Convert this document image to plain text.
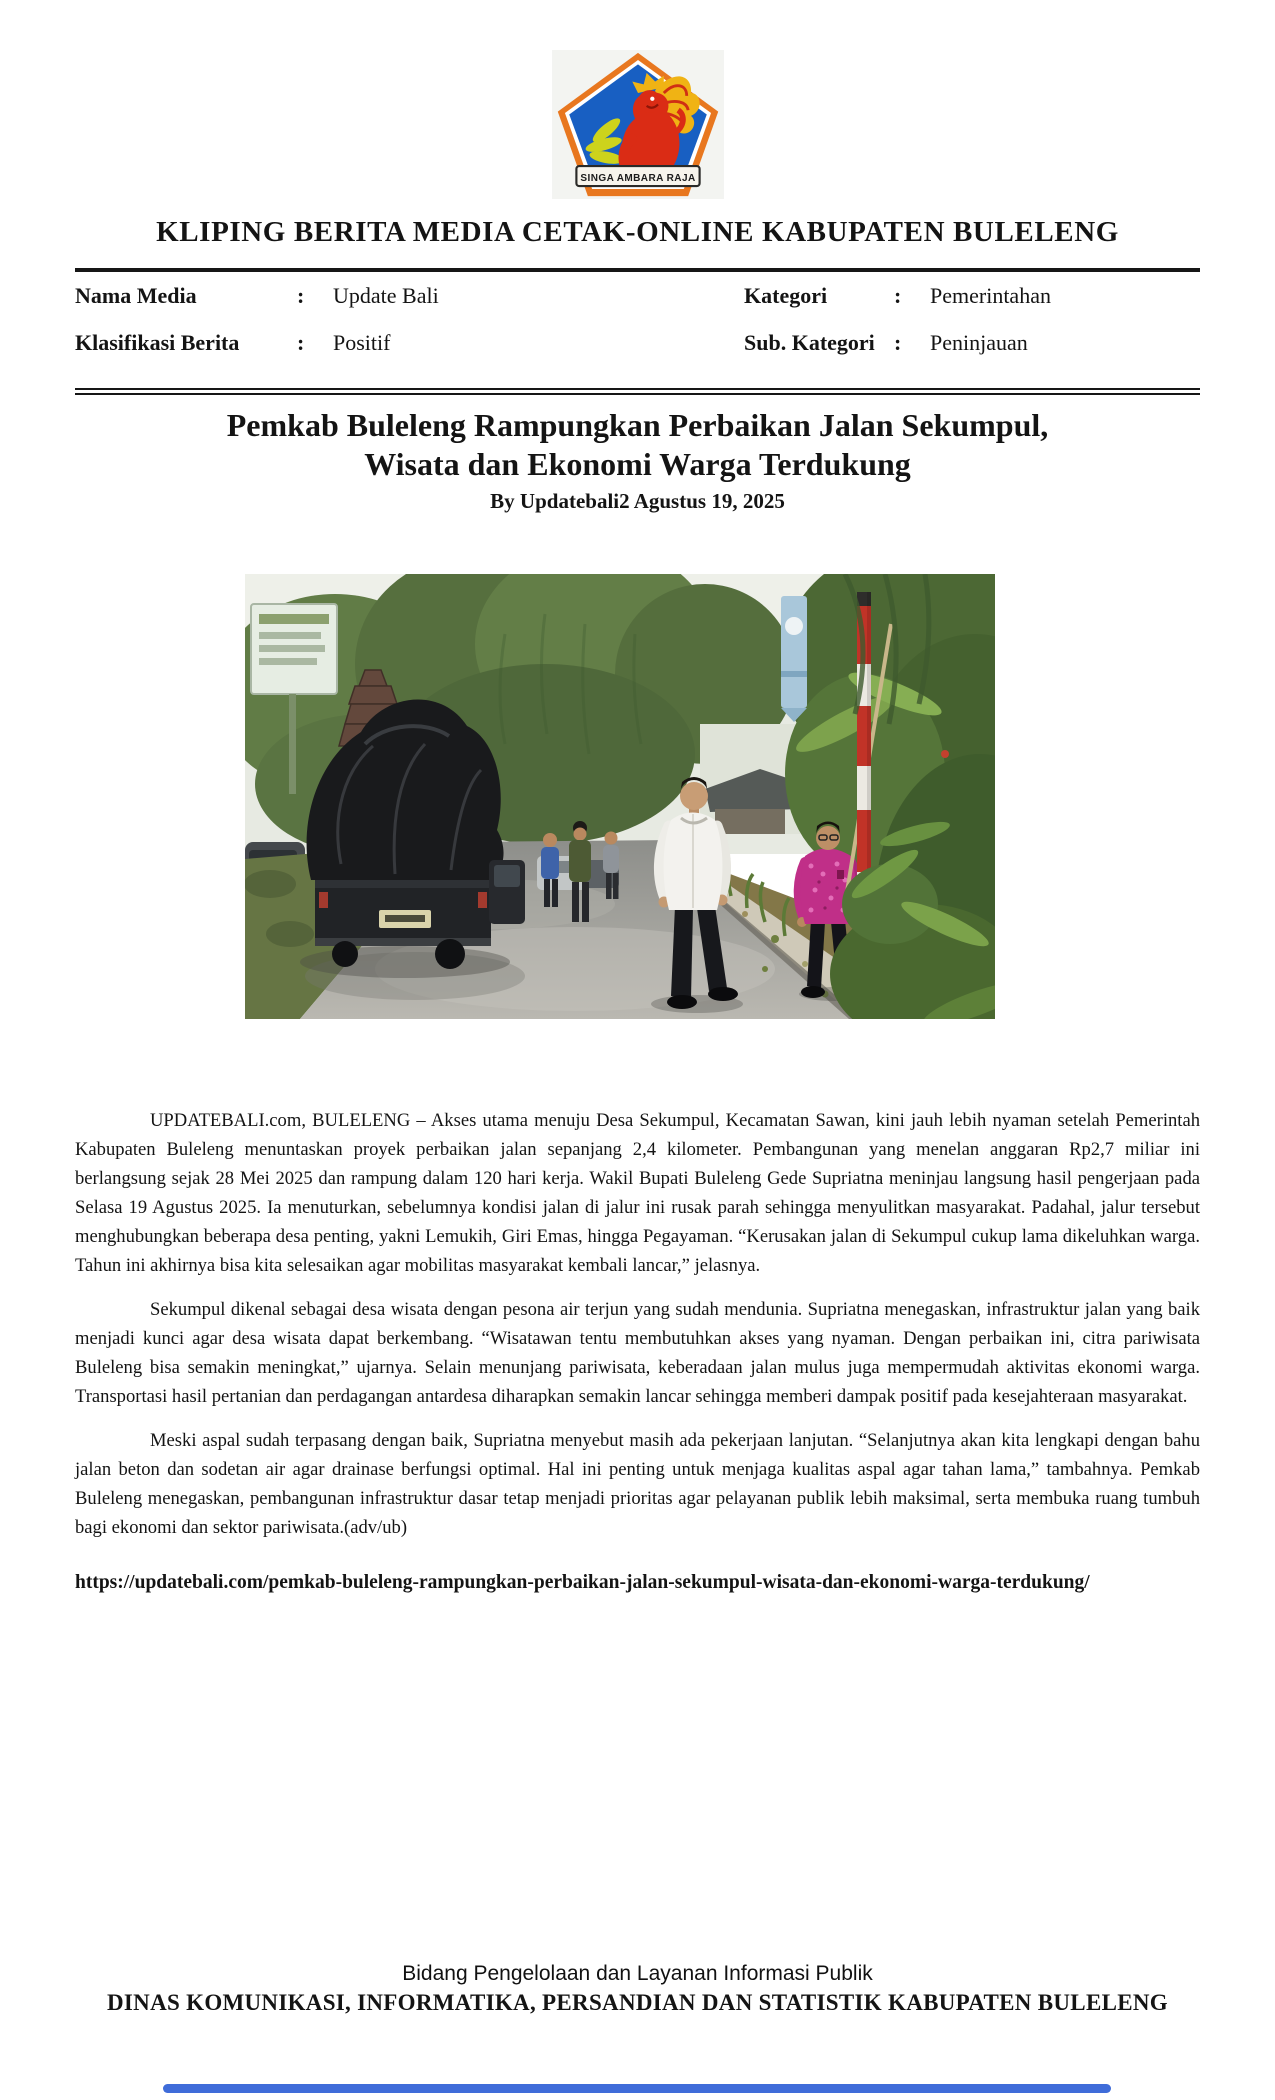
SINGA AMBARA RAJA
KLIPING BERITA MEDIA CETAK-ONLINE KABUPATEN BULELENG
Nama Media	: Update Bali	Kategori	: Pemerintahan
Klasifikasi Berita	: Positif	Sub. Kategori : Peninjauan
Pemkab Buleleng Rampungkan Perbaikan Jalan Sekumpul,
Wisata dan Ekonomi Warga Terdukung
By Updatebali2 Agustus 19, 2025

UPDATEBALI.com, BULELENG – Akses utama menuju Desa Sekumpul, Kecamatan Sawan, kini jauh lebih nyaman setelah Pemerintah Kabupaten Buleleng menuntaskan proyek perbaikan jalan sepanjang 2,4 kilometer. Pembangunan yang menelan anggaran Rp2,7 miliar ini berlangsung sejak 28 Mei 2025 dan rampung dalam 120 hari kerja. Wakil Bupati Buleleng Gede Supriatna meninjau langsung hasil pengerjaan pada Selasa 19 Agustus 2025. Ia menuturkan, sebelumnya kondisi jalan di jalur ini rusak parah sehingga menyulitkan masyarakat. Padahal, jalur tersebut menghubungkan beberapa desa penting, yakni Lemukih, Giri Emas, hingga Pegayaman. “Kerusakan jalan di Sekumpul cukup lama dikeluhkan warga. Tahun ini akhirnya bisa kita selesaikan agar mobilitas masyarakat kembali lancar,” jelasnya.

Sekumpul dikenal sebagai desa wisata dengan pesona air terjun yang sudah mendunia. Supriatna menegaskan, infrastruktur jalan yang baik menjadi kunci agar desa wisata dapat berkembang. “Wisatawan tentu membutuhkan akses yang nyaman. Dengan perbaikan ini, citra pariwisata Buleleng bisa semakin meningkat,” ujarnya. Selain menunjang pariwisata, keberadaan jalan mulus juga mempermudah aktivitas ekonomi warga. Transportasi hasil pertanian dan perdagangan antardesa diharapkan semakin lancar sehingga memberi dampak positif pada kesejahteraan masyarakat.

Meski aspal sudah terpasang dengan baik, Supriatna menyebut masih ada pekerjaan lanjutan. “Selanjutnya akan kita lengkapi dengan bahu jalan beton dan sodetan air agar drainase berfungsi optimal. Hal ini penting untuk menjaga kualitas aspal agar tahan lama,” tambahnya. Pemkab Buleleng menegaskan, pembangunan infrastruktur dasar tetap menjadi prioritas agar pelayanan publik lebih maksimal, serta membuka ruang tumbuh bagi ekonomi dan sektor pariwisata.(adv/ub)

https://updatebali.com/pemkab-buleleng-rampungkan-perbaikan-jalan-sekumpul-wisata-dan-ekonomi-warga-terdukung/
Bidang Pengelolaan dan Layanan Informasi Publik
DINAS KOMUNIKASI, INFORMATIKA, PERSANDIAN DAN STATISTIK KABUPATEN BULELENG
